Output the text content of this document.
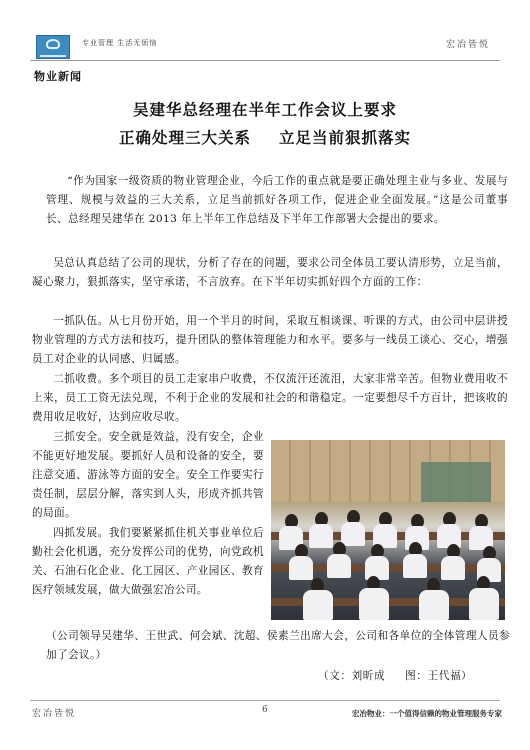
专业管理 生活无烦恼	宏冶皆悦
物业新闻
吴建华总经理在半年工作会议上要求
正确处理三大关系 立足当前狠抓落实
“作为国家一级资质的物业管理企业，今后工作的重点就是要正确处理主业与多业、发展与管理、规模与效益的三大关系，立足当前抓好各项工作，促进企业全面发展。”这是公司董事长、总经理吴建华在 2013 年上半年工作总结及下半年工作部署大会提出的要求。
吴总认真总结了公司的现状，分析了存在的问题，要求公司全体员工要认清形势，立足当前，凝心聚力，狠抓落实，坚守承诺，不言放弃。在下半年切实抓好四个方面的工作：
一抓队伍。从七月份开始，用一个半月的时间，采取互相谈课、听课的方式，由公司中层讲授物业管理的方式方法和技巧，提升团队的整体管理能力和水平。要多与一线员工谈心、交心，增强员工对企业的认同感、归属感。
二抓收费。多个项目的员工走家串户收费，不仅流汗还流泪，大家非常辛苦。但物业费用收不上来，员工工资无法兑现，不利于企业的发展和社会的和谐稳定。一定要想尽千方百计，把该收的费用收足收好，达到应收尽收。
三抓安全。安全就是效益，没有安全，企业不能更好地发展。要抓好人员和设备的安全，要注意交通、游泳等方面的安全。安全工作要实行责任制，层层分解，落实到人头，形成齐抓共管的局面。
四抓发展。我们要紧紧抓住机关事业单位后勤社会化机遇，充分发挥公司的优势，向党政机关、石油石化企业、化工园区、产业园区、教育医疗领域发展，做大做强宏冶公司。
（公司领导吴建华、王世武、何会斌、沈超、侯素兰出席大会，公司和各单位的全体管理人员参加了会议。）
（文：刘昕成 图：王代福）
宏冶皆悦	6	宏冶物业：一个值得信赖的物业管理服务专家
